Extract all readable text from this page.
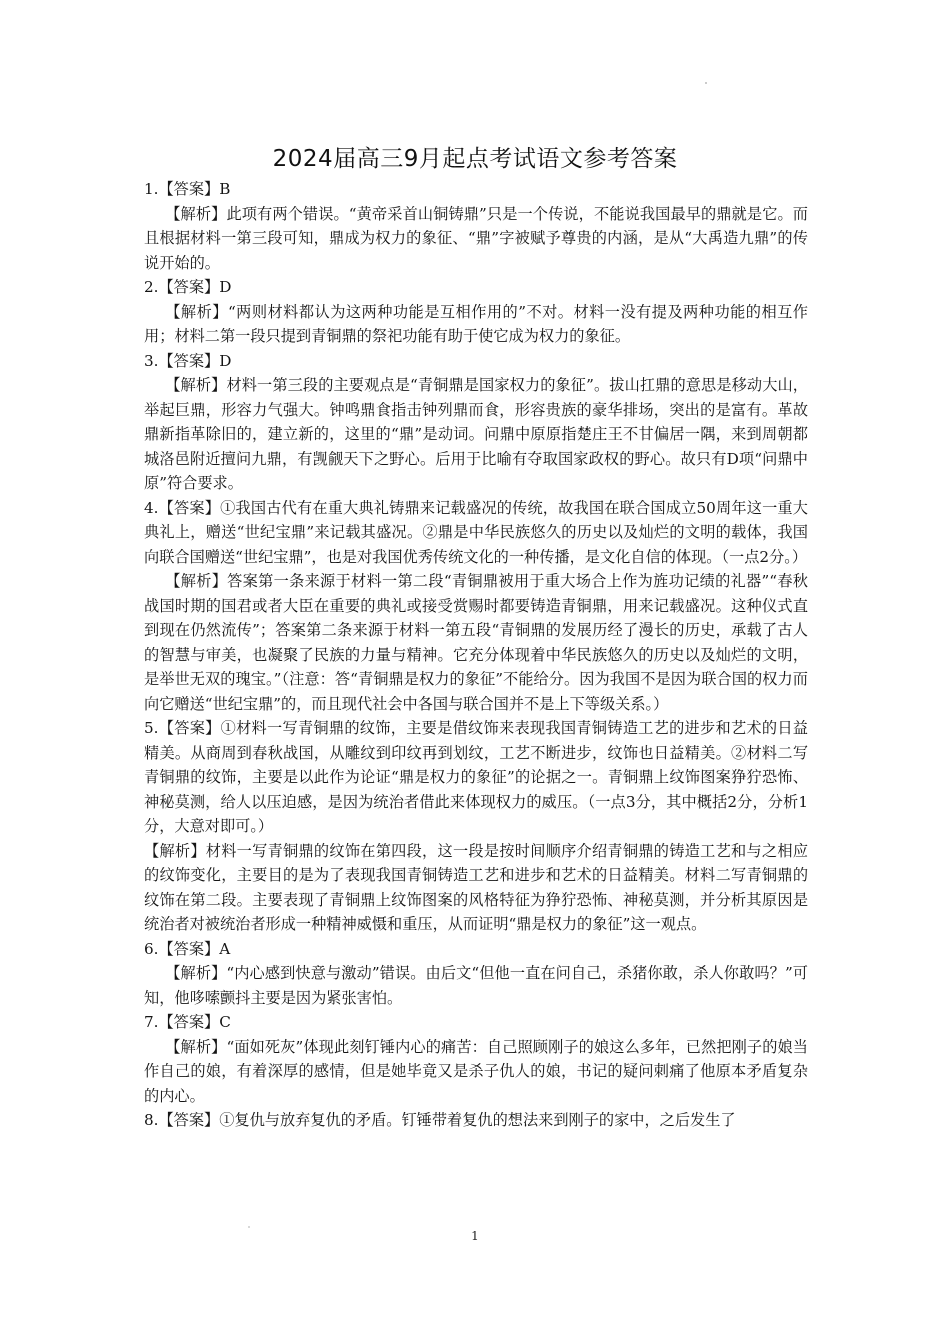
2024届高三9月起点考试语文参考答案

1.【答案】B

【解析】此项有两个错误。“黄帝采首山铜铸鼎”只是一个传说，不能说我国最早的鼎就是它。而且根据材料一第三段可知，鼎成为权力的象征、“鼎”字被赋予尊贵的内涵，是从“大禹造九鼎”的传说开始的。

2.【答案】D

【解析】“两则材料都认为这两种功能是互相作用的”不对。材料一没有提及两种功能的相互作用；材料二第一段只提到青铜鼎的祭祀功能有助于使它成为权力的象征。

3.【答案】D

【解析】材料一第三段的主要观点是“青铜鼎是国家权力的象征”。拔山扛鼎的意思是移动大山，举起巨鼎，形容力气强大。钟鸣鼎食指击钟列鼎而食，形容贵族的豪华排场，突出的是富有。革故鼎新指革除旧的，建立新的，这里的“鼎”是动词。问鼎中原原指楚庄王不甘偏居一隅，来到周朝都城洛邑附近擅问九鼎，有觊觎天下之野心。后用于比喻有夺取国家政权的野心。故只有D项“问鼎中原”符合要求。

4.【答案】①我国古代有在重大典礼铸鼎来记载盛况的传统，故我国在联合国成立50周年这一重大典礼上，赠送“世纪宝鼎”来记载其盛况。②鼎是中华民族悠久的历史以及灿烂的文明的载体，我国向联合国赠送“世纪宝鼎”，也是对我国优秀传统文化的一种传播，是文化自信的体现。（一点2分。）

【解析】答案第一条来源于材料一第二段“青铜鼎被用于重大场合上作为旌功记绩的礼器”“春秋战国时期的国君或者大臣在重要的典礼或接受赏赐时都要铸造青铜鼎，用来记载盛况。这种仪式直到现在仍然流传”；答案第二条来源于材料一第五段“青铜鼎的发展历经了漫长的历史，承载了古人的智慧与审美，也凝聚了民族的力量与精神。它充分体现着中华民族悠久的历史以及灿烂的文明，是举世无双的瑰宝。”（注意：答“青铜鼎是权力的象征”不能给分。因为我国不是因为联合国的权力而向它赠送“世纪宝鼎”的，而且现代社会中各国与联合国并不是上下等级关系。）

5.【答案】①材料一写青铜鼎的纹饰，主要是借纹饰来表现我国青铜铸造工艺的进步和艺术的日益精美。从商周到春秋战国，从雕纹到印纹再到划纹，工艺不断进步，纹饰也日益精美。②材料二写青铜鼎的纹饰，主要是以此作为论证“鼎是权力的象征”的论据之一。青铜鼎上纹饰图案狰狞恐怖、神秘莫测，给人以压迫感，是因为统治者借此来体现权力的威压。（一点3分，其中概括2分，分析1分，大意对即可。）

【解析】材料一写青铜鼎的纹饰在第四段，这一段是按时间顺序介绍青铜鼎的铸造工艺和与之相应的纹饰变化，主要目的是为了表现我国青铜铸造工艺和进步和艺术的日益精美。材料二写青铜鼎的纹饰在第二段。主要表现了青铜鼎上纹饰图案的风格特征为狰狞恐怖、神秘莫测，并分析其原因是统治者对被统治者形成一种精神威慑和重压，从而证明“鼎是权力的象征”这一观点。

6.【答案】A

【解析】“内心感到快意与激动”错误。由后文“但他一直在问自己，杀猪你敢，杀人你敢吗？”可知，他哆嗦颤抖主要是因为紧张害怕。

7.【答案】C

【解析】“面如死灰”体现此刻钉锤内心的痛苦：自己照顾刚子的娘这么多年，已然把刚子的娘当作自己的娘，有着深厚的感情，但是她毕竟又是杀子仇人的娘，书记的疑问刺痛了他原本矛盾复杂的内心。

8.【答案】①复仇与放弃复仇的矛盾。钉锤带着复仇的想法来到刚子的家中，之后发生了

1
